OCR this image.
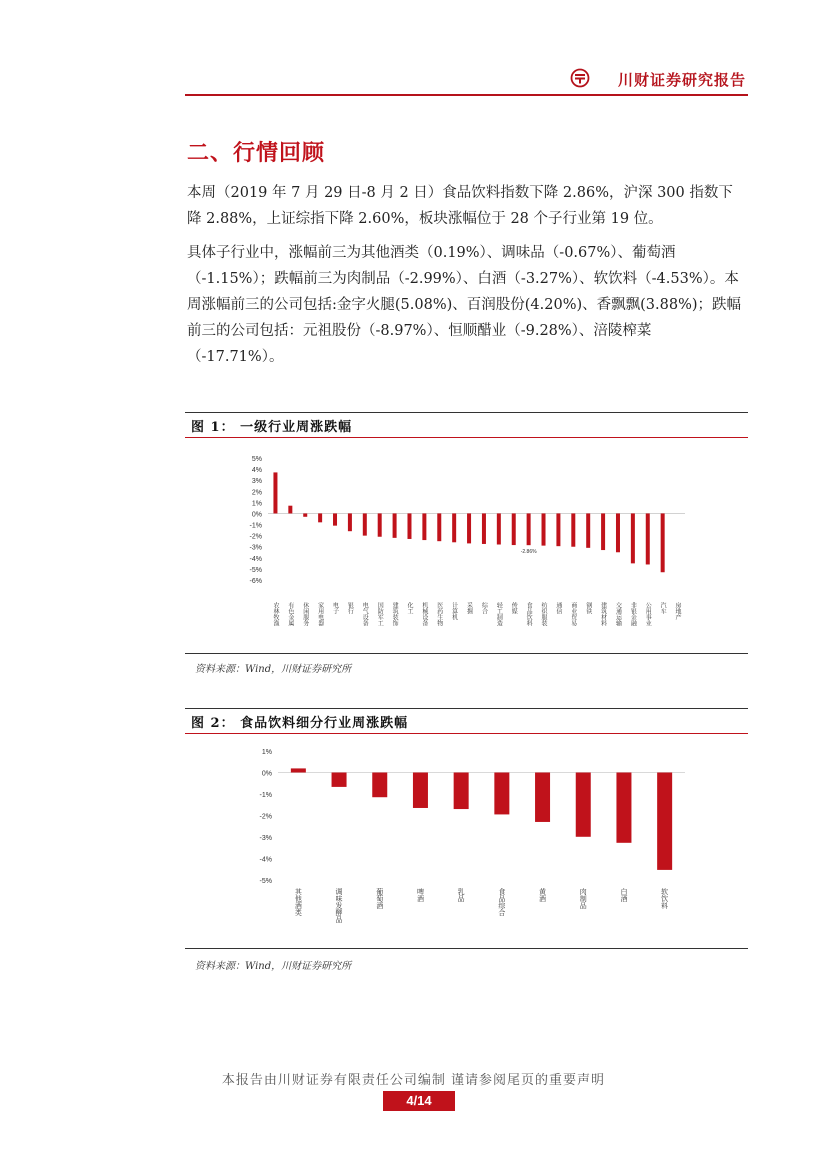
川财证券研究报告
二、行情回顾
本周（2019 年 7 月 29 日-8 月 2 日）食品饮料指数下降 2.86%，沪深 300 指数下降 2.88%，上证综指下降 2.60%，板块涨幅位于 28 个子行业第 19 位。
具体子行业中，涨幅前三为其他酒类（0.19%）、调味品（-0.67%）、葡萄酒（-1.15%）；跌幅前三为肉制品（-2.99%）、白酒（-3.27%）、软饮料（-4.53%）。本周涨幅前三的公司包括:金字火腿(5.08%)、百润股份(4.20%)、香飘飘(3.88%)；跌幅前三的公司包括：元祖股份（-8.97%）、恒顺醋业（-9.28%）、涪陵榨菜（-17.71%）。
图 1： 一级行业周涨跌幅
5%
4%
3%
2%
1%
0%
-1%
-2%
-3%
-4%
-5%
-6%
农林牧渔 有色金属 休闲服务 家用电器 电子 银行 电气设备 国防军工 建筑装饰 化工 机械设备 医药生物 计算机 采掘 综合 轻工制造 传媒 食品饮料 纺织服装 通信 商业贸易 钢铁 建筑材料 交通运输 非银金融 公用事业 汽车 房地产
-2.86%
资料来源：Wind，川财证券研究所
图 2： 食品饮料细分行业周涨跌幅
1%
0%
-1%
-2%
-3%
-4%
-5%
其他酒类	调味发酵品	葡萄酒	啤酒	乳品	食品综合	黄酒	肉制品	白酒	软饮料
资料来源：Wind，川财证券研究所
本报告由川财证券有限责任公司编制 谨请参阅尾页的重要声明
4/14
